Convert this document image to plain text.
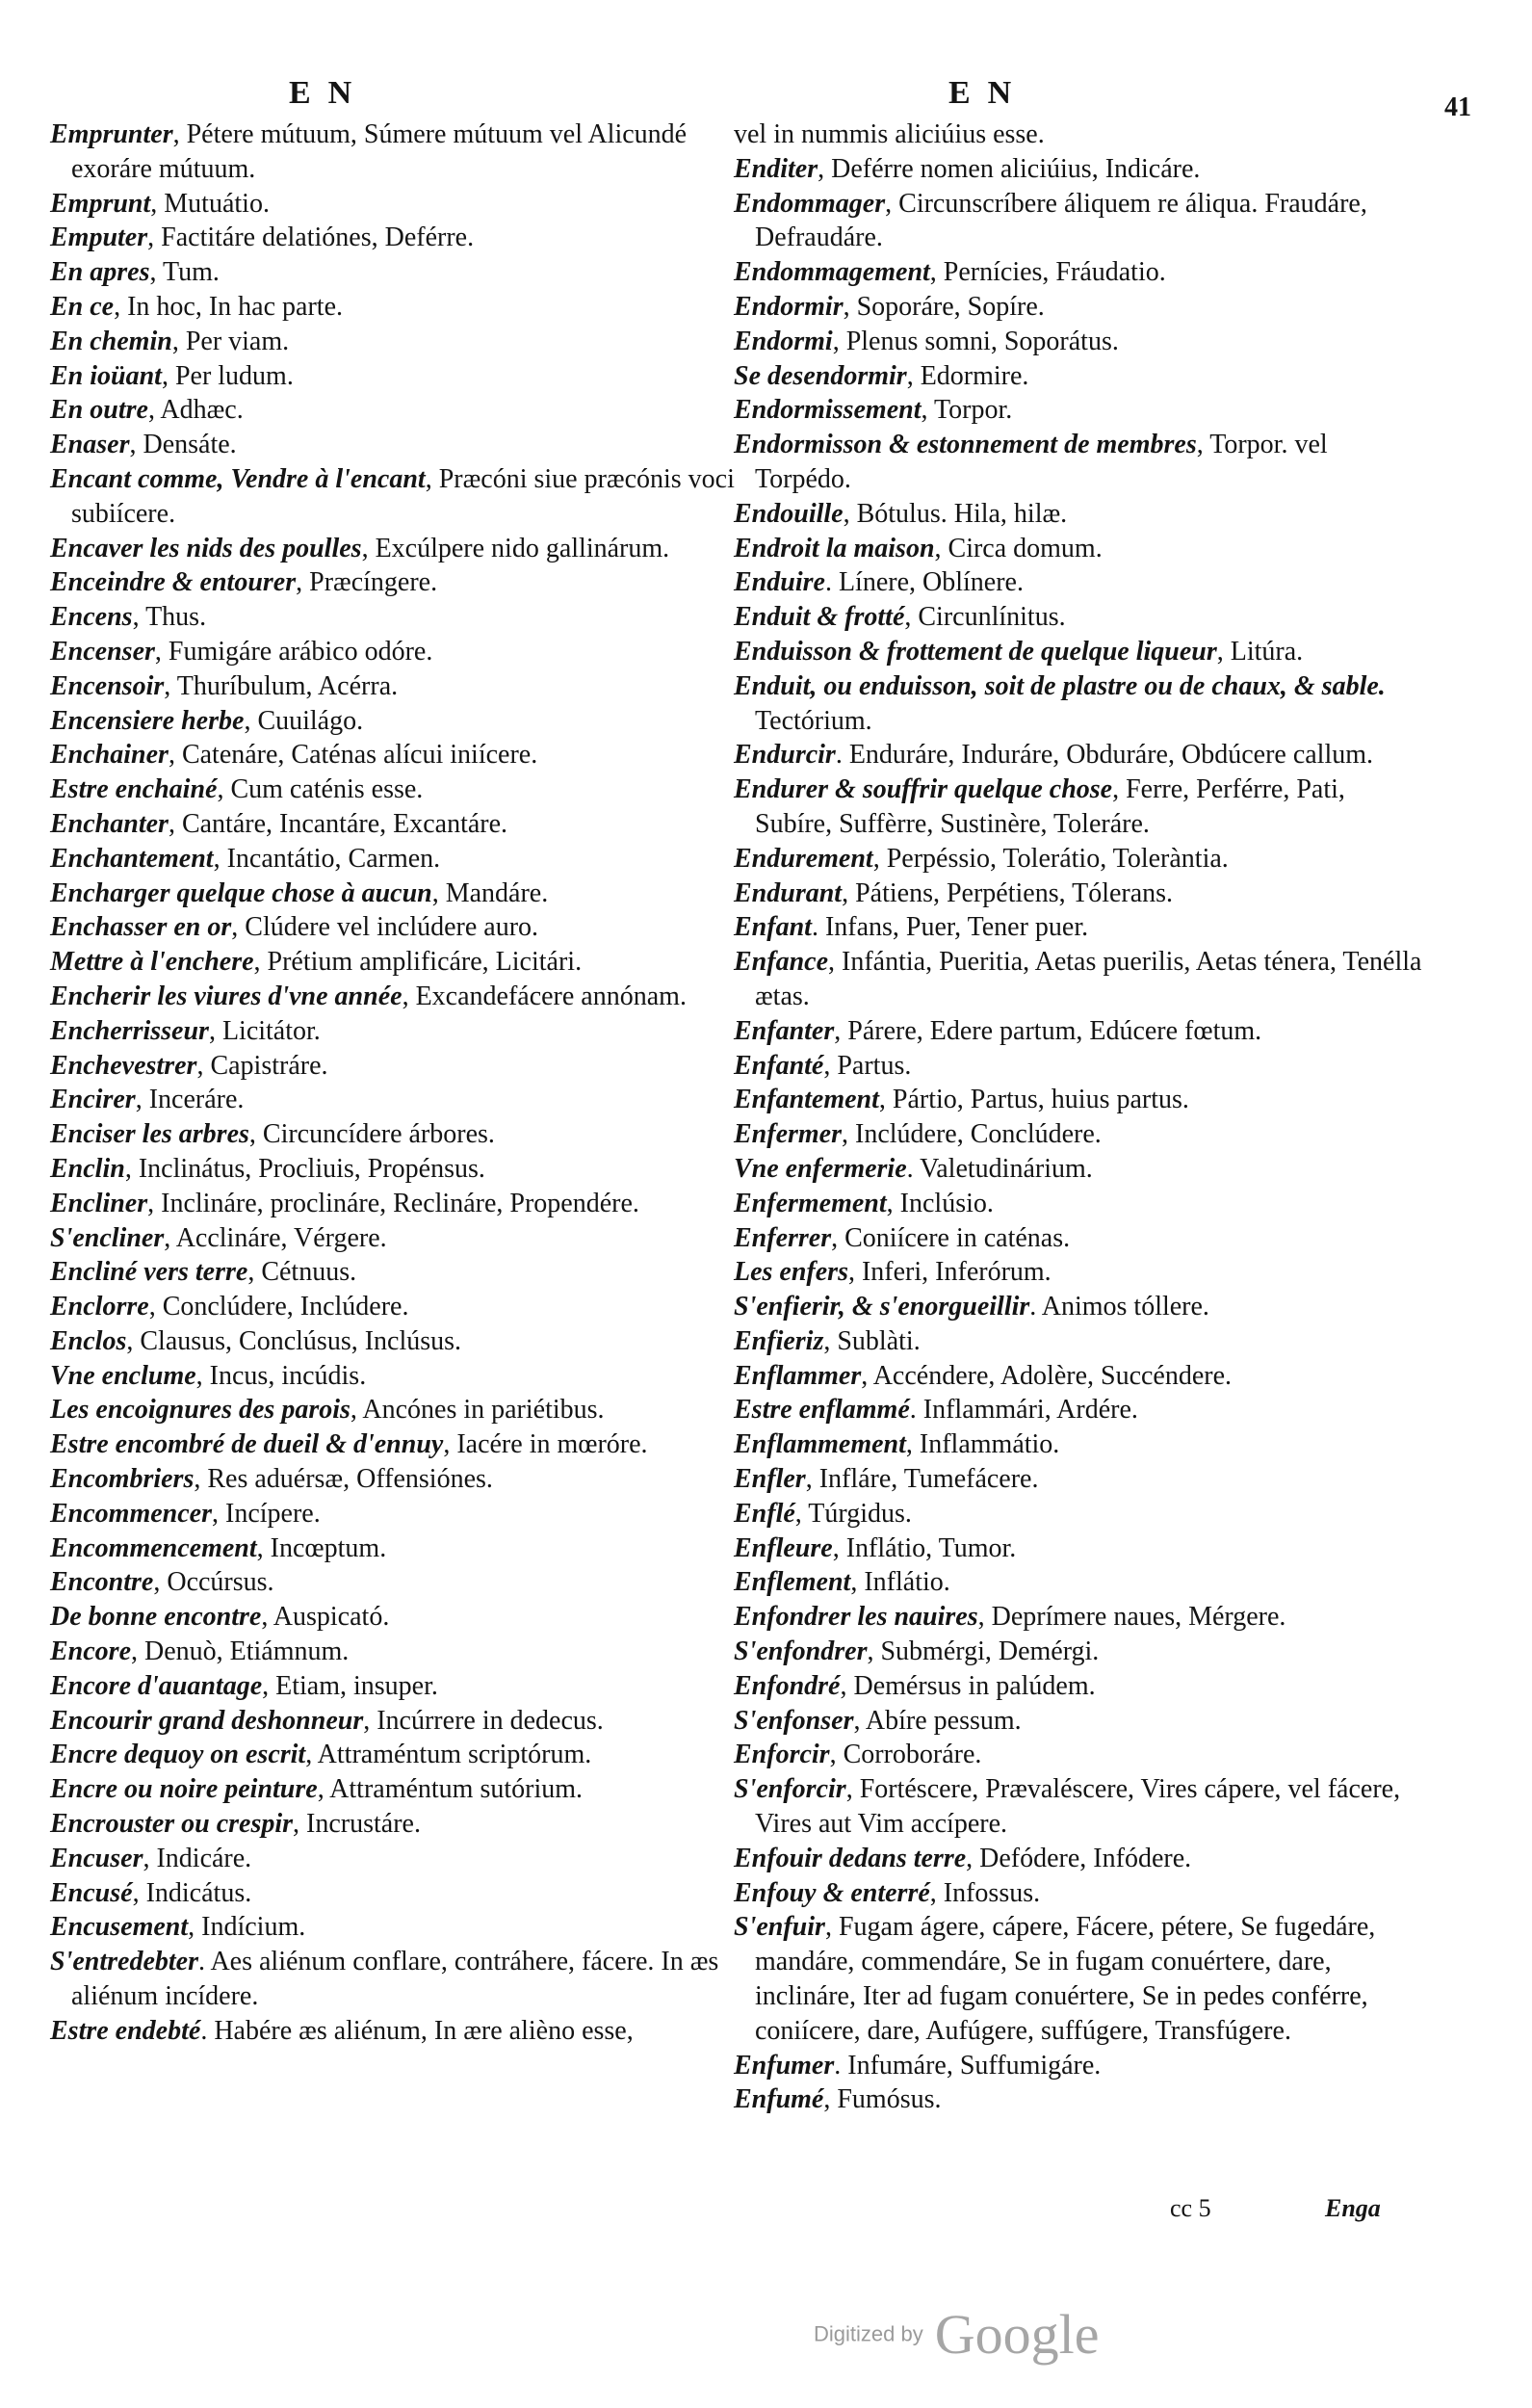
EN	EN	41

Emprunter, Pétere mútuum, Súmere mútuum vel Alicundé exoráre mútuum.

Emprunt, Mutuátio.

Emputer, Factitáre delatiónes, Deférre.

En apres, Tum.

En ce, In hoc, In hac parte.

En chemin, Per viam.

En ioüant, Per ludum.

En outre, Adhæc.

Enaser, Densáte.

Encant comme, Vendre à l'encant, Præcóni siue præcónis voci subiícere.

Encaver les nids des poulles, Excúlpere nido gallinárum.

Enceindre & entourer, Præcíngere.

Encens, Thus.

Encenser, Fumigáre arábico odóre.

Encensoir, Thuríbulum, Acérra.

Encensiere herbe, Cuuilágo.

Enchainer, Catenáre, Caténas alícui iniícere.

Estre enchainé, Cum caténis esse.

Enchanter, Cantáre, Incantáre, Excantáre.

Enchantement, Incantátio, Carmen.

Encharger quelque chose à aucun, Mandáre.

Enchasser en or, Clúdere vel inclúdere auro.

Mettre à l'enchere, Prétium amplificáre, Licitári.

Encherir les viures d'vne année, Excandefácere annónam.

Encherrisseur, Licitátor.

Enchevestrer, Capistráre.

Encirer, Inceráre.

Enciser les arbres, Circuncídere árbores.

Enclin, Inclinátus, Procliuis, Propénsus.

Encliner, Inclináre, proclináre, Reclináre, Propendére.

S'encliner, Acclináre, Vérgere.

Encliné vers terre, Cétnuus.

Enclorre, Conclúdere, Inclúdere.

Enclos, Clausus, Conclúsus, Inclúsus.

Vne enclume, Incus, incúdis.

Les encoignures des parois, Ancónes in pariétibus.

Estre encombré de dueil & d'ennuy, Iacére in mœróre.

Encombriers, Res aduérsæ, Offensiónes.

Encommencer, Incípere.

Encommencement, Incœptum.

Encontre, Occúrsus.

De bonne encontre, Auspicató.

Encore, Denuò, Etiámnum.

Encore d'auantage, Etiam, insuper.

Encourir grand deshonneur, Incúrrere in dedecus.

Encre dequoy on escrit, Attraméntum scriptórum.

Encre ou noire peinture, Attraméntum sutórium.

Encrouster ou crespir, Incrustáre.

Encuser, Indicáre.

Encusé, Indicátus.

Encusement, Indícium.

S'entredebter. Aes aliénum conflare, contráhere, fácere. In æs aliénum incídere.

Estre endebté. Habére æs aliénum, In ære alièno esse,

vel in nummis aliciúius esse.

Enditer, Deférre nomen aliciúius, Indicáre.

Endommager, Circunscríbere áliquem re áliqua. Fraudáre, Defraudáre.

Endommagement, Pernícies, Fráudatio.

Endormir, Soporáre, Sopíre.

Endormi, Plenus somni, Soporátus.

Se desendormir, Edormire.

Endormissement, Torpor.

Endormisson & estonnement de membres, Torpor. vel Torpédo.

Endouille, Bótulus. Hila, hilæ.

Endroit la maison, Circa domum.

Enduire. Línere, Oblínere.

Enduit & frotté, Circunlínitus.

Enduisson & frottement de quelque liqueur, Litúra.

Enduit, ou enduisson, soit de plastre ou de chaux, & sable. Tectórium.

Endurcir. Enduráre, Induráre, Obduráre, Obdúcere callum.

Endurer & souffrir quelque chose, Ferre, Perférre, Pati, Subíre, Suffèrre, Sustinère, Toleráre.

Endurement, Perpéssio, Tolerátio, Toleràntia.

Endurant, Pátiens, Perpétiens, Tólerans.

Enfant. Infans, Puer, Tener puer.

Enfance, Infántia, Pueritia, Aetas puerilis, Aetas ténera, Tenélla ætas.

Enfanter, Párere, Edere partum, Edúcere fœtum.

Enfanté, Partus.

Enfantement, Pártio, Partus, huius partus.

Enfermer, Inclúdere, Conclúdere.

Vne enfermerie. Valetudinárium.

Enfermement, Inclúsio.

Enferrer, Coniícere in caténas.

Les enfers, Inferi, Inferórum.

S'enfierir, & s'enorgueillir. Animos tóllere.

Enfieriz, Sublàti.

Enflammer, Accéndere, Adolère, Succéndere.

Estre enflammé. Inflammári, Ardére.

Enflammement, Inflammátio.

Enfler, Infláre, Tumefácere.

Enflé, Túrgidus.

Enfleure, Inflátio, Tumor.

Enflement, Inflátio.

Enfondrer les nauires, Deprímere naues, Mérgere.

S'enfondrer, Submérgi, Demérgi.

Enfondré, Demérsus in palúdem.

S'enfonser, Abíre pessum.

Enforcir, Corroboráre.

S'enforcir, Fortéscere, Prævaléscere, Vires cápere, vel fácere, Vires aut Vim accípere.

Enfouir dedans terre, Defódere, Infódere.

Enfouy & enterré, Infossus.

S'enfuir, Fugam ágere, cápere, Fácere, pétere, Se fugedáre, mandáre, commendáre, Se in fugam conuértere, dare, inclináre, Iter ad fugam conuértere, Se in pedes conférre, coniícere, dare, Aufúgere, suffúgere, Transfúgere.

Enfumer. Infumáre, Suffumigáre.

Enfumé, Fumósus.

cc 5	Enga
Digitized by Google
